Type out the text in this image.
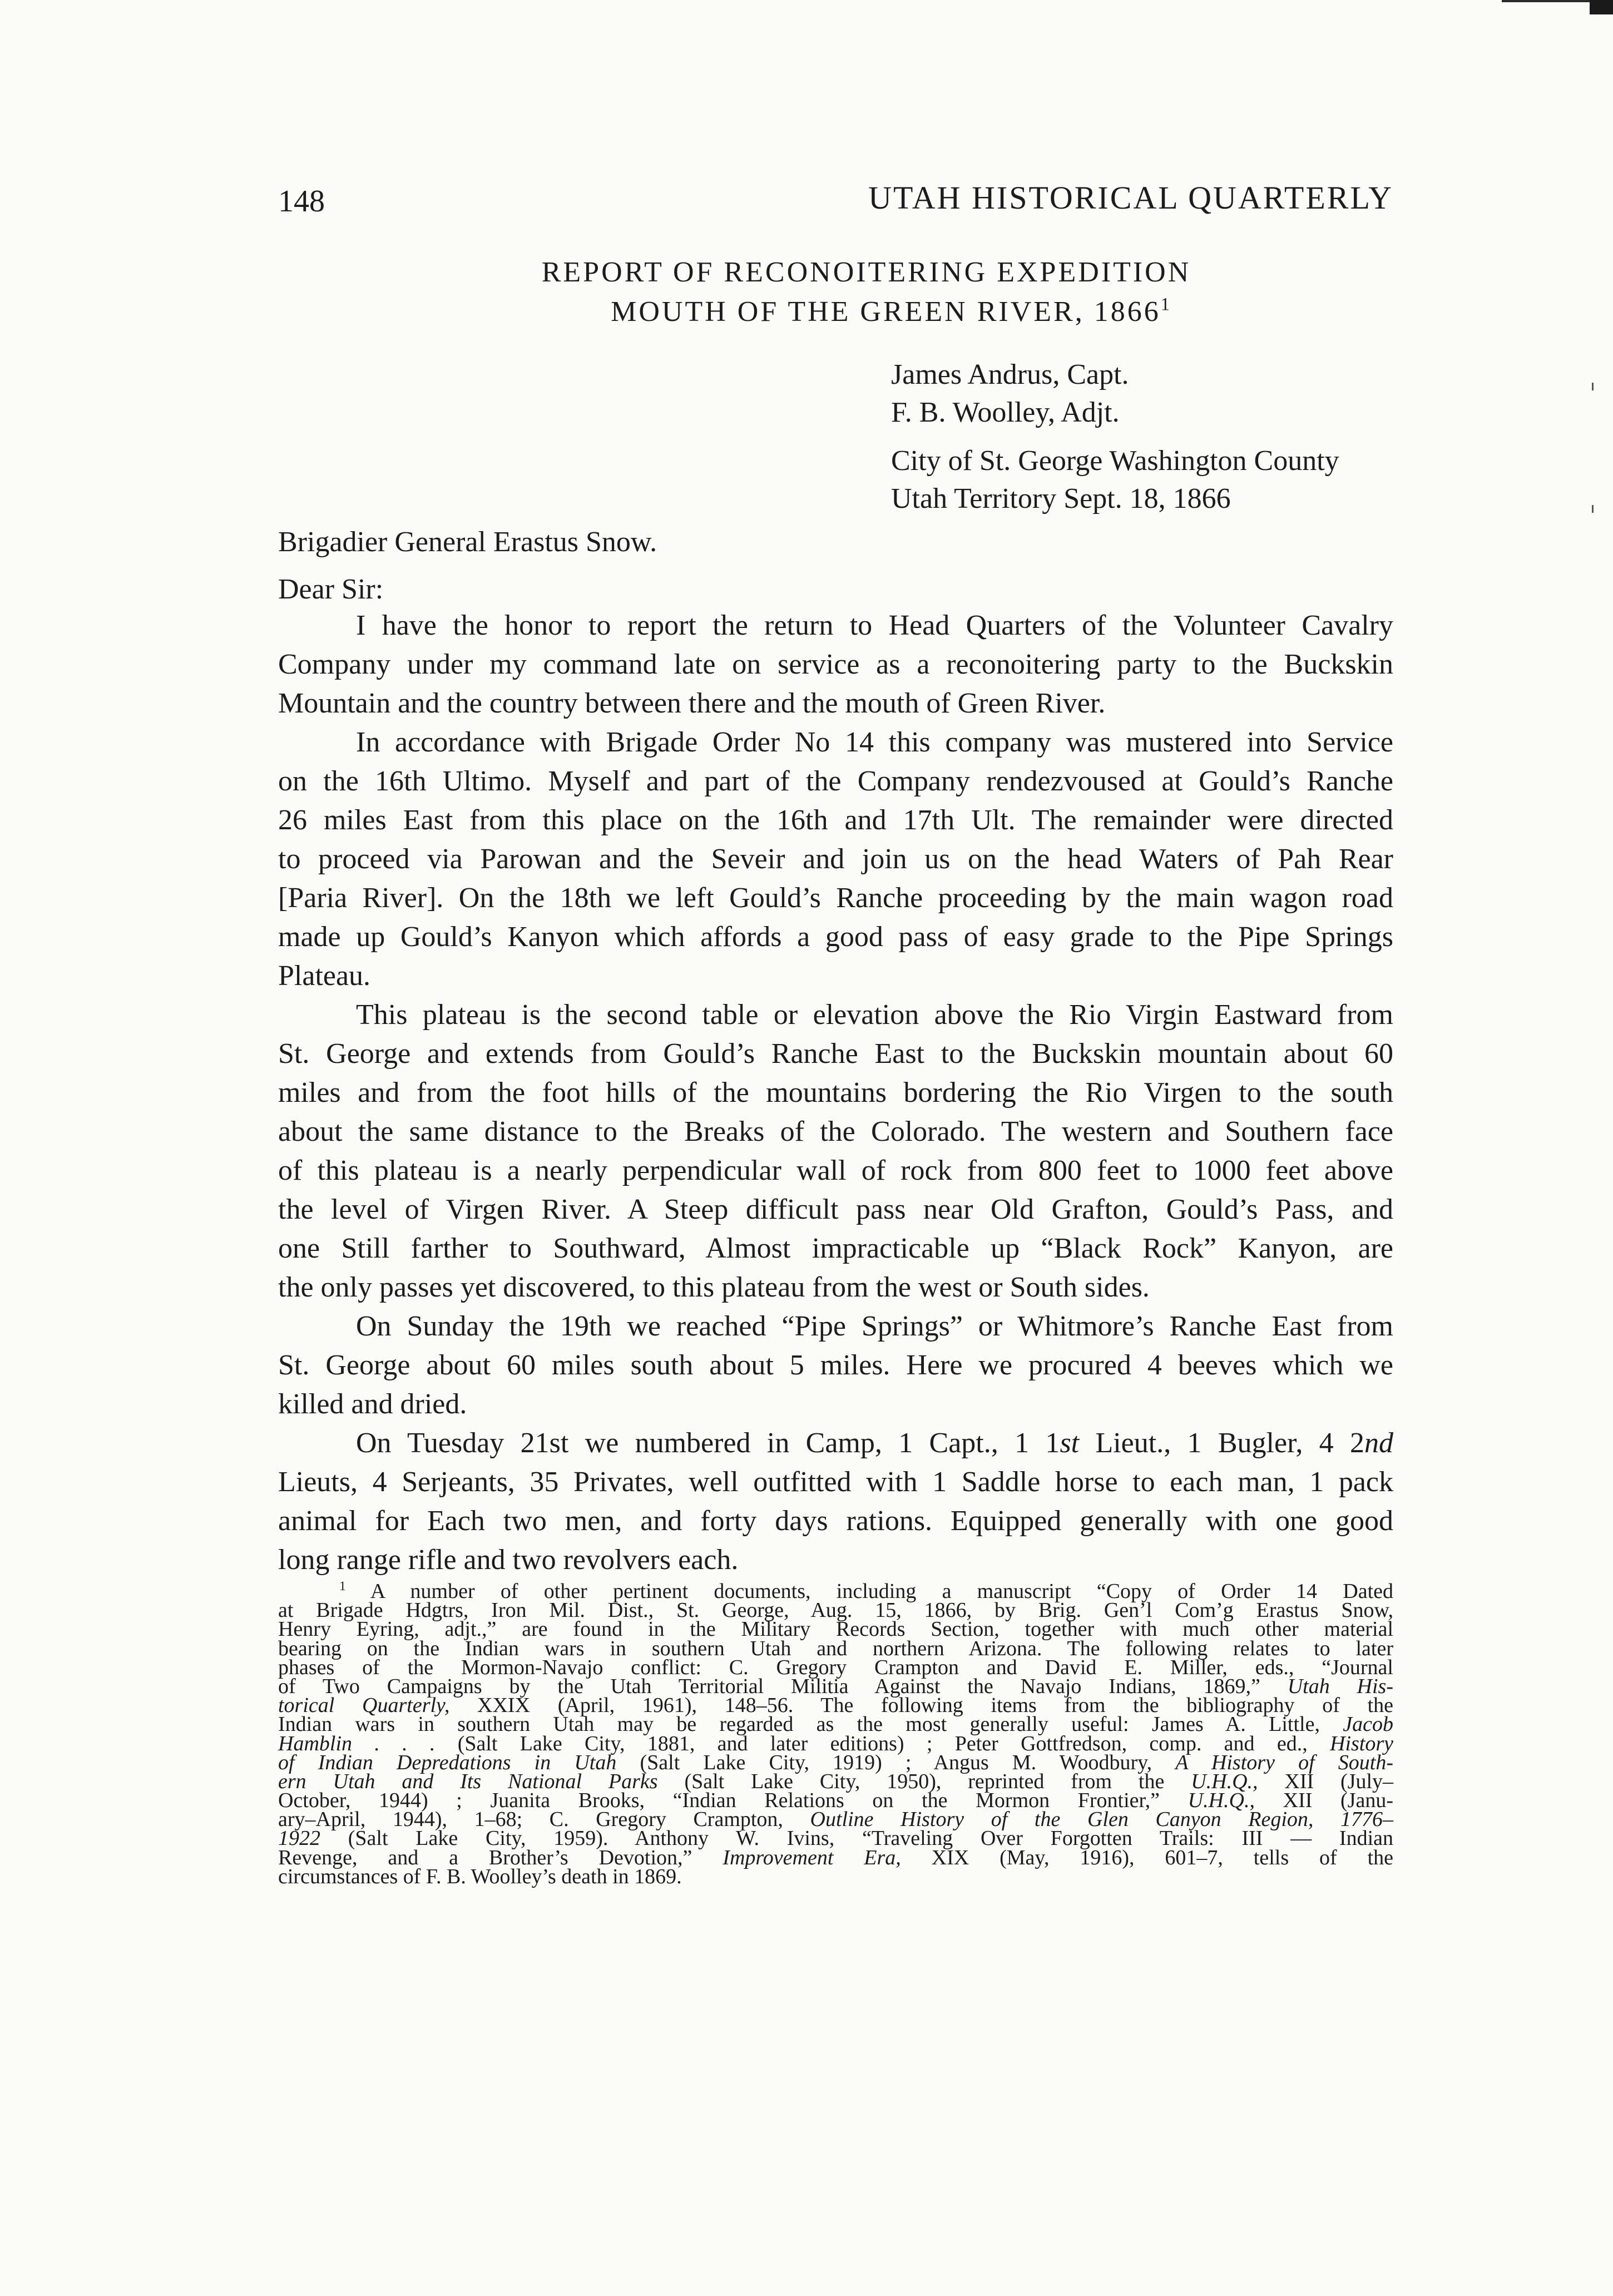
148	UTAH HISTORICAL QUARTERLY
REPORT OF RECONOITERING EXPEDITION
MOUTH OF THE GREEN RIVER, 1866$^1$
James Andrus, Capt.
F. B. Woolley, Adjt.
City of St. George Washington County
Utah Territory Sept. 18, 1866
Brigadier General Erastus Snow.
Dear Sir:
I have the honor to report the return to Head Quarters of the Volunteer Cavalry
Company under my command late on service as a reconoitering party to the Buckskin
Mountain and the country between there and the mouth of Green River.
In accordance with Brigade Order No 14 this company was mustered into Service
on the 16th Ultimo. Myself and part of the Company rendezvoused at Gould’s Ranche
26 miles East from this place on the 16th and 17th Ult. The remainder were directed
to proceed via Parowan and the Seveir and join us on the head Waters of Pah Rear
[Paria River]. On the 18th we left Gould’s Ranche proceeding by the main wagon road
made up Gould’s Kanyon which affords a good pass of easy grade to the Pipe Springs
Plateau.
This plateau is the second table or elevation above the Rio Virgin Eastward from
St. George and extends from Gould’s Ranche East to the Buckskin mountain about 60
miles and from the foot hills of the mountains bordering the Rio Virgen to the south
about the same distance to the Breaks of the Colorado. The western and Southern face
of this plateau is a nearly perpendicular wall of rock from 800 feet to 1000 feet above
the level of Virgen River. A Steep difficult pass near Old Grafton, Gould’s Pass, and
one Still farther to Southward, Almost impracticable up “Black Rock” Kanyon, are
the only passes yet discovered, to this plateau from the west or South sides.
On Sunday the 19th we reached “Pipe Springs” or Whitmore’s Ranche East from
St. George about 60 miles south about 5 miles. Here we procured 4 beeves which we
killed and dried.
On Tuesday 21st we numbered in Camp, 1 Capt., 1 1st Lieut., 1 Bugler, 4 2nd
Lieuts, 4 Serjeants, 35 Privates, well outfitted with 1 Saddle horse to each man, 1 pack
animal for Each two men, and forty days rations. Equipped generally with one good
long range rifle and two revolvers each.
$^1$ A number of other pertinent documents, including a manuscript “Copy of Order 14 Dated
at Brigade Hdgtrs, Iron Mil. Dist., St. George, Aug. 15, 1866, by Brig. Gen’l Com’g Erastus Snow,
Henry Eyring, adjt.,” are found in the Military Records Section, together with much other material
bearing on the Indian wars in southern Utah and northern Arizona. The following relates to later
phases of the Mormon-Navajo conflict: C. Gregory Crampton and David E. Miller, eds., “Journal
of Two Campaigns by the Utah Territorial Militia Against the Navajo Indians, 1869,” Utah His-
torical Quarterly, XXIX (April, 1961), 148–56. The following items from the bibliography of the
Indian wars in southern Utah may be regarded as the most generally useful: James A. Little, Jacob
Hamblin . . . (Salt Lake City, 1881, and later editions) ; Peter Gottfredson, comp. and ed., History
of Indian Depredations in Utah (Salt Lake City, 1919) ; Angus M. Woodbury, A History of South-
ern Utah and Its National Parks (Salt Lake City, 1950), reprinted from the U.H.Q., XII (July–
October, 1944) ; Juanita Brooks, “Indian Relations on the Mormon Frontier,” U.H.Q., XII (Janu-
ary–April, 1944), 1–68; C. Gregory Crampton, Outline History of the Glen Canyon Region, 1776–
1922 (Salt Lake City, 1959). Anthony W. Ivins, “Traveling Over Forgotten Trails: III — Indian
Revenge, and a Brother’s Devotion,” Improvement Era, XIX (May, 1916), 601–7, tells of the
circumstances of F. B. Woolley’s death in 1869.
